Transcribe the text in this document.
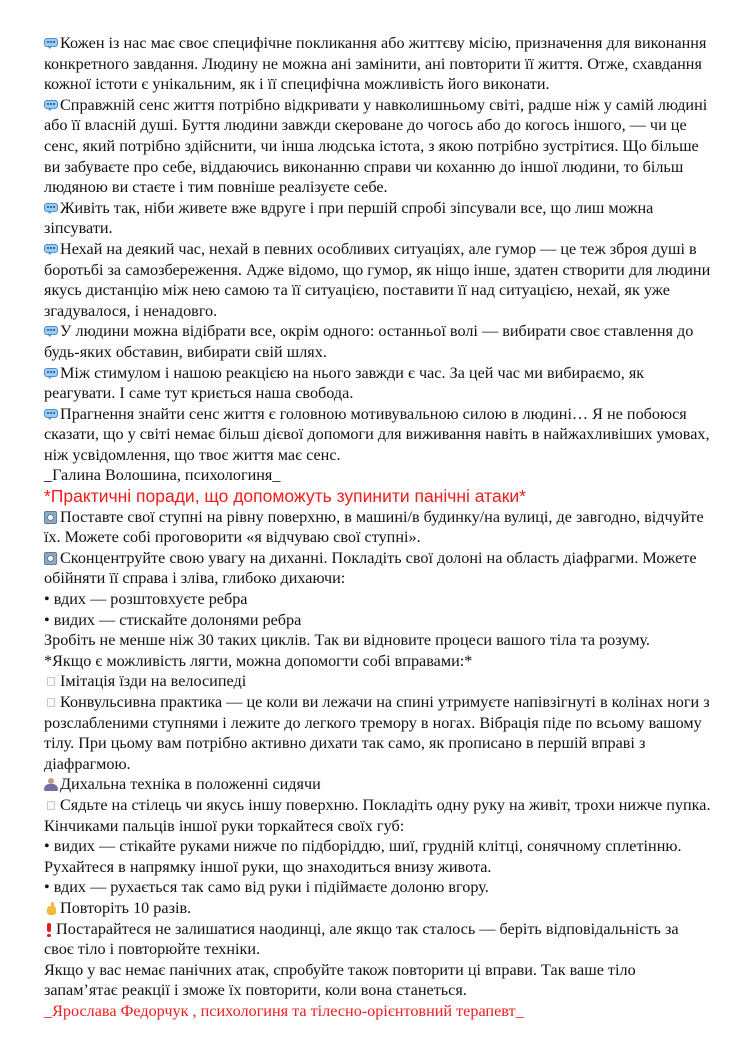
Кожен із нас має своє специфічне покликання або життєву місію, призначення для виконання конкретного завдання. Людину не можна ані замінити, ані повторити її життя. Отже, схавдання кожної істоти є унікальним, як і її специфічна можливість його виконати.

Справжній сенс життя потрібно відкривати у навколишньому світі, радше ніж у самій людині або її власній душі. Буття людини завжди скероване до чогось або до когось іншого, — чи це сенс, який потрібно здійснити, чи інша людська істота, з якою потрібно зустрітися. Що більше ви забуваєте про себе, віддаючись виконанню справи чи коханню до іншої людини, то більш людяною ви стаєте і тим повніше реалізуєте себе.

Живіть так, ніби живете вже вдруге і при першій спробі зіпсували все, що лиш можна зіпсувати.

Нехай на деякий час, нехай в певних особливих ситуаціях, але гумор — це теж зброя душі в боротьбі за самозбереження. Адже відомо, що гумор, як ніщо інше, здатен створити для людини якусь дистанцію між нею самою та її ситуацією, поставити її над ситуацією, нехай, як уже згадувалося, і ненадовго.

У людини можна відібрати все, окрім одного: останньої волі — вибирати своє ставлення до будь-яких обставин, вибирати свій шлях.

Між стимулом і нашою реакцією на нього завжди є час. За цей час ми вибираємо, як реагувати. І саме тут криється наша свобода.

Прагнення знайти сенс життя є головною мотивувальною силою в людині… Я не побоюся сказати, що у світі немає більш дієвої допомоги для виживання навіть в найжахливіших умовах, ніж усвідомлення, що твоє життя має сенс.

_Галина Волошина, психологиня_

*Практичні поради, що допоможуть зупинити панічні атаки*

Поставте свої ступні на рівну поверхню, в машині/в будинку/на вулиці, де завгодно, відчуйте їх. Можете собі проговорити «я відчуваю свої ступні».

Сконцентруйте свою увагу на диханні. Покладіть свої долоні на область діафрагми. Можете обійняти її справа і зліва, глибоко дихаючи:

• вдих — розштовхуєте ребра

• видих — стискайте долонями ребра

Зробіть не менше ніж 30 таких циклів. Так ви відновите процеси вашого тіла та розуму.

*Якщо є можливість лягти, можна допомогти собі вправами:*

Імітація їзди на велосипеді

Конвульсивна практика — це коли ви лежачи на спині утримуєте напівзігнуті в колінах ноги з розслабленими ступнями і лежите до легкого тремору в ногах. Вібрація піде по всьому вашому тілу. При цьому вам потрібно активно дихати так само, як прописано в першій вправі з діафрагмою.

Дихальна техніка в положенні сидячи

Сядьте на стілець чи якусь іншу поверхню. Покладіть одну руку на живіт, трохи нижче пупка. Кінчиками пальців іншої руки торкайтеся своїх губ:

• видих — стікайте руками нижче по підборіддю, шиї, грудній клітці, сонячному сплетінню. Рухайтеся в напрямку іншої руки, що знаходиться внизу живота.

• вдих — рухається так само від руки і підіймаєте долоню вгору.

Повторіть 10 разів.

Постарайтеся не залишатися наодинці, але якщо так сталось — беріть відповідальність за своє тіло і повторюйте техніки.

Якщо у вас немає панічних атак, спробуйте також повторити ці вправи. Так ваше тіло запам’ятає реакції і зможе їх повторити, коли вона станеться.

_Ярослава Федорчук , психологиня та тілесно-орієнтовний терапевт_
